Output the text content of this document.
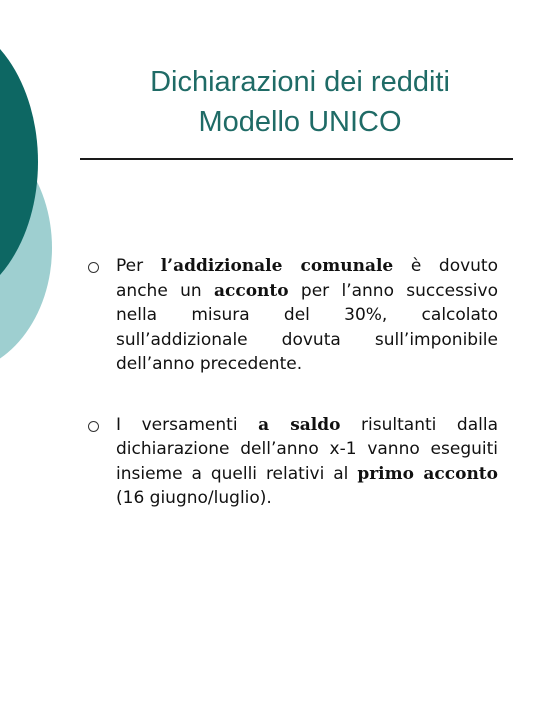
Dichiarazioni dei redditi
Modello UNICO
Per l’addizionale comunale è dovuto anche un acconto per l’anno successivo nella misura del 30%, calcolato sull’addizionale dovuta sull’imponibile dell’anno precedente.
I versamenti a saldo risultanti dalla dichiarazione dell’anno x-1 vanno eseguiti insieme a quelli relativi al primo acconto (16 giugno/luglio).
